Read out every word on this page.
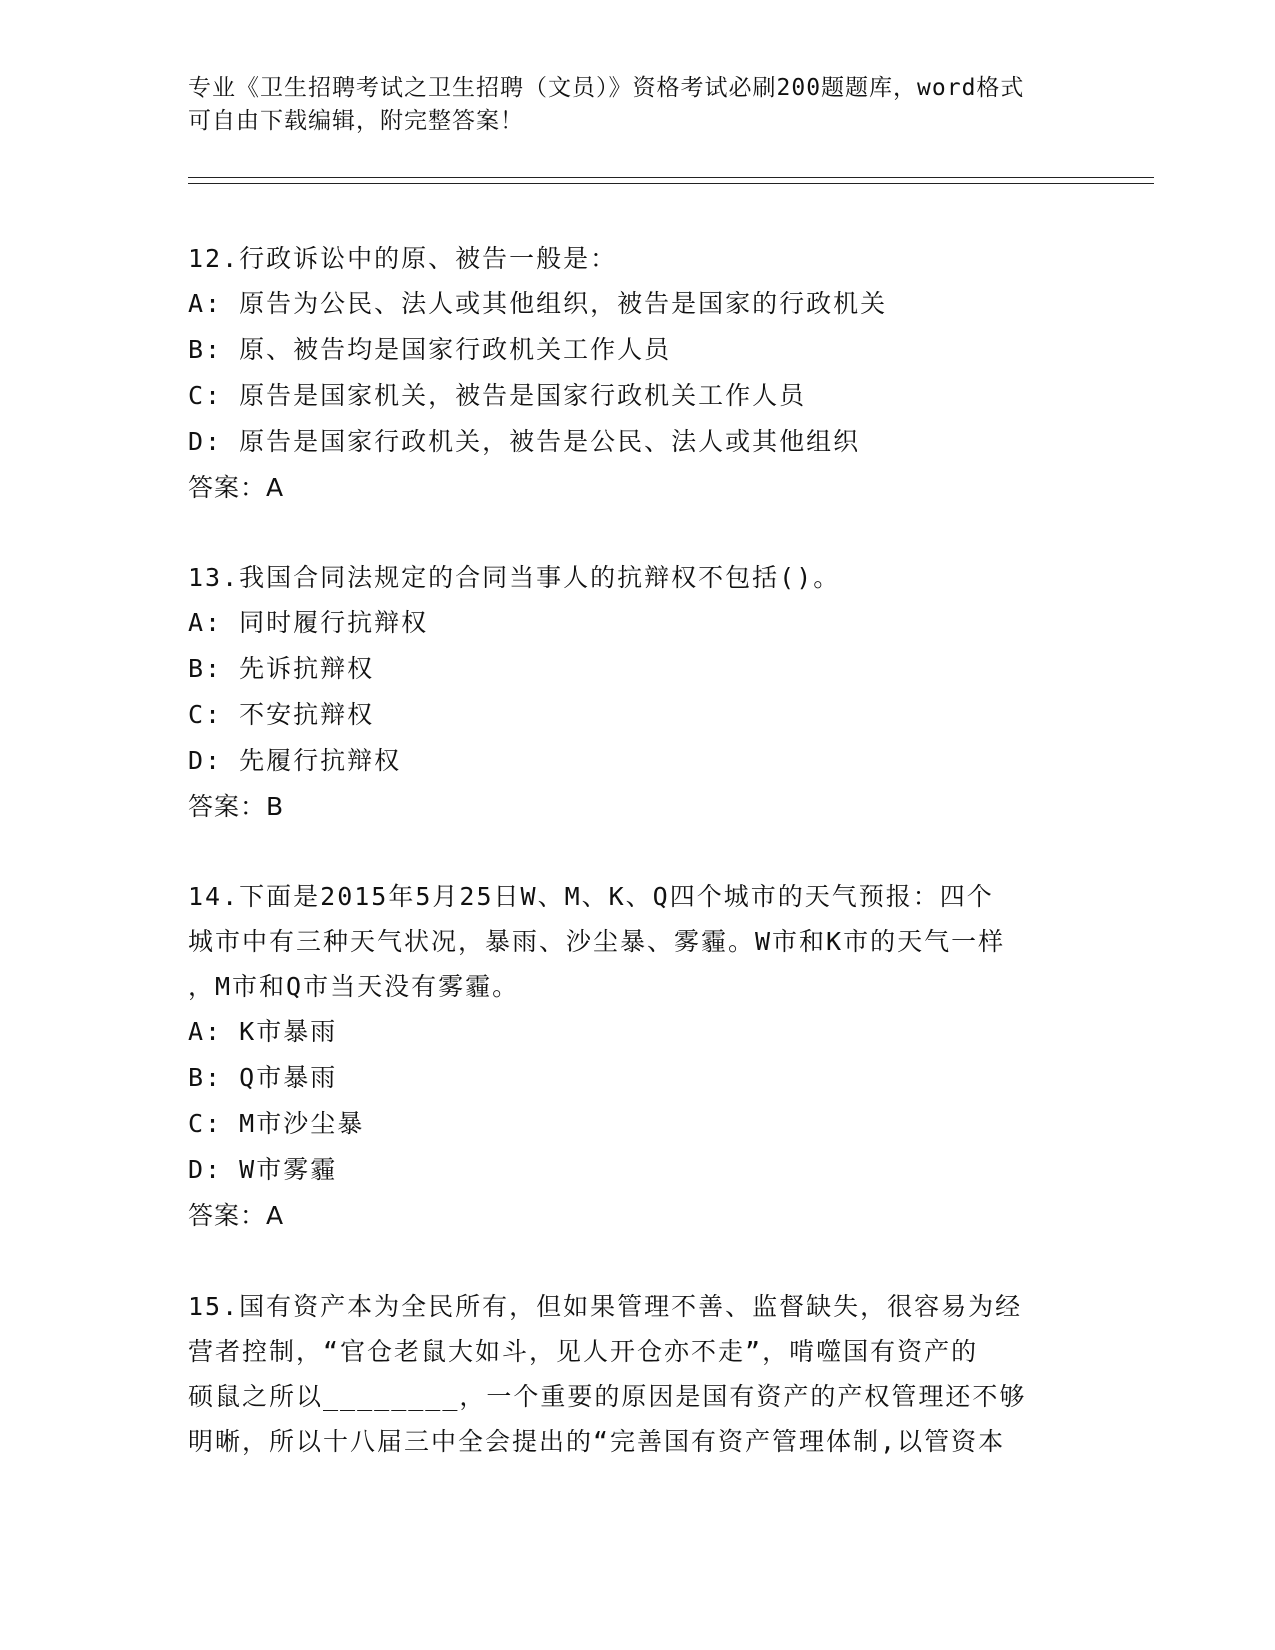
专业《卫生招聘考试之卫生招聘（文员）》资格考试必刷200题题库，word格式
可自由下载编辑，附完整答案！

12.行政诉讼中的原、被告一般是：

A: 原告为公民、法人或其他组织，被告是国家的行政机关

B: 原、被告均是国家行政机关工作人员

C: 原告是国家机关，被告是国家行政机关工作人员

D: 原告是国家行政机关，被告是公民、法人或其他组织

答案：A

13.我国合同法规定的合同当事人的抗辩权不包括()。

A: 同时履行抗辩权

B: 先诉抗辩权

C: 不安抗辩权

D: 先履行抗辩权

答案：B

14.下面是2015年5月25日W、M、K、Q四个城市的天气预报：四个

城市中有三种天气状况，暴雨、沙尘暴、雾霾。W市和K市的天气一样

，M市和Q市当天没有雾霾。

A: K市暴雨

B: Q市暴雨

C: M市沙尘暴

D: W市雾霾

答案：A

15.国有资产本为全民所有，但如果管理不善、监督缺失，很容易为经

营者控制，“官仓老鼠大如斗，见人开仓亦不走”，啃噬国有资产的

硕鼠之所以________，一个重要的原因是国有资产的产权管理还不够

明晰，所以十八届三中全会提出的“完善国有资产管理体制,以管资本
